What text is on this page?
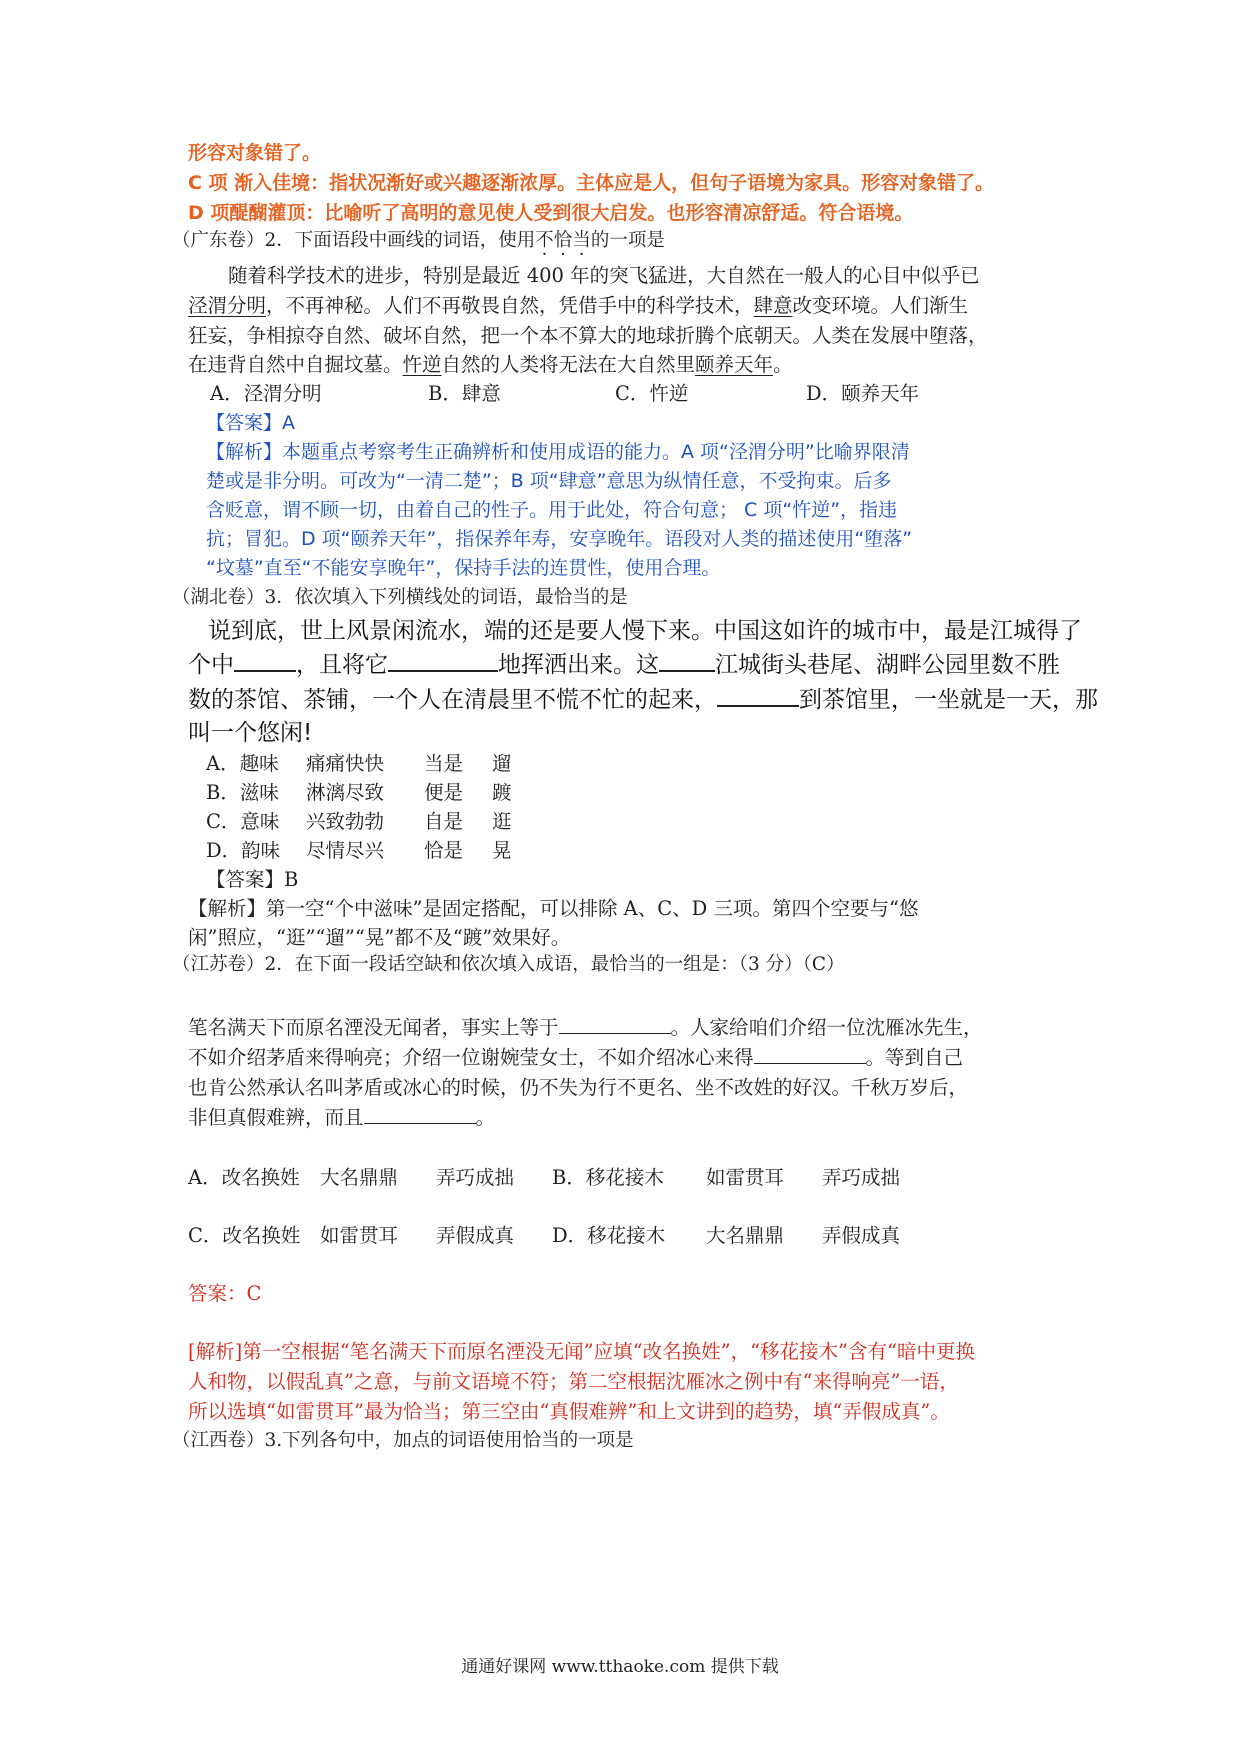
形容对象错了。
C 项 渐入佳境：指状况渐好或兴趣逐渐浓厚。主体应是人，但句子语境为家具。形容对象错了。
D 项醍醐灌顶：比喻听了高明的意见使人受到很大启发。也形容清凉舒适。符合语境。
（广东卷）2．下面语段中画线的词语，使用不恰当的一项是
随着科学技术的进步，特别是最近 400 年的突飞猛进，大自然在一般人的心目中似乎已
泾渭分明，不再神秘。人们不再敬畏自然，凭借手中的科学技术，肆意改变环境。人们渐生
狂妄，争相掠夺自然、破坏自然，把一个本不算大的地球折腾个底朝天。人类在发展中堕落，
在违背自然中自掘坟墓。忤逆自然的人类将无法在大自然里颐养天年。
A．泾渭分明	B．肆意	C．忤逆	D．颐养天年
【答案】A
【解析】本题重点考察考生正确辨析和使用成语的能力。A 项“泾渭分明”比喻界限清
楚或是非分明。可改为“一清二楚”；B 项“肆意”意思为纵情任意，不受拘束。后多
含贬意，谓不顾一切，由着自己的性子。用于此处，符合句意； C 项“忤逆”，指违
抗；冒犯。D 项“颐养天年”，指保养年寿，安享晚年。语段对人类的描述使用“堕落”
“坟墓”直至“不能安享晚年”，保持手法的连贯性，使用合理。
（湖北卷）3．依次填入下列横线处的词语，最恰当的是
说到底，世上风景闲流水，端的还是要人慢下来。中国这如许的城市中，最是江城得了
个中	，且将它	地挥洒出来。这 江城街头巷尾、湖畔公园里数不胜
数的茶馆、茶铺，一个人在清晨里不慌不忙的起来，	到茶馆里，一坐就是一天，那
叫一个悠闲!
A．趣味 痛痛快快 当是 遛
B．滋味 淋漓尽致 便是 踱
C．意味 兴致勃勃 自是 逛
D．韵味 尽情尽兴 恰是 晃
【答案】B
【解析】第一空“个中滋味”是固定搭配，可以排除 A、C、D 三项。第四个空要与“悠
闲”照应，“逛”“遛”“晃”都不及“踱”效果好。
（江苏卷）2．在下面一段话空缺和依次填入成语，最恰当的一组是：（3 分）（C）
笔名满天下而原名湮没无闻者，事实上等于	。人家给咱们介绍一位沈雁冰先生，
不如介绍茅盾来得响亮；介绍一位谢婉莹女士，不如介绍冰心来得	。等到自己
也肯公然承认名叫茅盾或冰心的时候，仍不失为行不更名、坐不改姓的好汉。千秋万岁后，
非但真假难辨，而且	。
A．改名换姓 大名鼎鼎 弄巧成拙 B．移花接木 如雷贯耳 弄巧成拙
C．改名换姓 如雷贯耳 弄假成真 D．移花接木 大名鼎鼎 弄假成真
答案：C
[解析]第一空根据“笔名满天下而原名湮没无闻”应填“改名换姓”，“移花接木”含有“暗中更换
人和物，以假乱真”之意，与前文语境不符；第二空根据沈雁冰之例中有“来得响亮”一语，
所以选填“如雷贯耳”最为恰当；第三空由“真假难辨”和上文讲到的趋势，填“弄假成真”。
（江西卷）3.下列各句中，加点的词语使用恰当的一项是
通通好课网 www.tthaoke.com 提供下载
